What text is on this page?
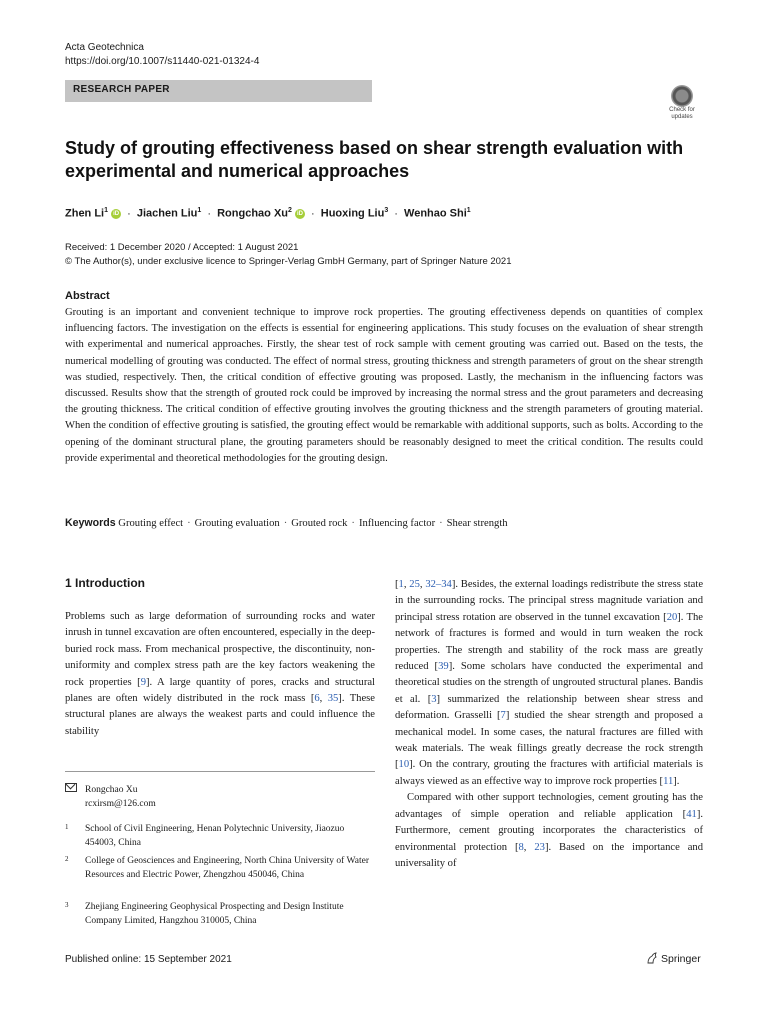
Acta Geotechnica
https://doi.org/10.1007/s11440-021-01324-4
RESEARCH PAPER
Check for updates
Study of grouting effectiveness based on shear strength evaluation with experimental and numerical approaches
Zhen Li$^1$ iD · Jiachen Liu$^1$ · Rongchao Xu$^2$ iD · Huoxing Liu$^3$ · Wenhao Shi$^1$
Received: 1 December 2020 / Accepted: 1 August 2021
© The Author(s), under exclusive licence to Springer-Verlag GmbH Germany, part of Springer Nature 2021
Abstract
Grouting is an important and convenient technique to improve rock properties. The grouting effectiveness depends on quantities of complex influencing factors. The investigation on the effects is essential for engineering applications. This study focuses on the evaluation of shear strength with experimental and numerical approaches. Firstly, the shear test of rock sample with cement grouting was carried out. Based on the tests, the numerical modelling of grouting was conducted. The effect of normal stress, grouting thickness and strength parameters of grout on the shear strength was studied, respectively. Then, the critical condition of effective grouting was proposed. Lastly, the mechanism in the influencing factors was discussed. Results show that the strength of grouted rock could be improved by increasing the normal stress and the grout parameters and decreasing the grouting thickness. The critical condition of effective grouting involves the grouting thickness and the strength parameters of grouting material. When the condition of effective grouting is satisfied, the grouting effect would be remarkable with additional supports, such as bolts. According to the opening of the dominant structural plane, the grouting parameters should be reasonably designed to meet the critical condition. The results could provide experimental and theoretical methodologies for the grouting design.
Keywords Grouting effect · Grouting evaluation · Grouted rock · Influencing factor · Shear strength
1 Introduction
Problems such as large deformation of surrounding rocks and water inrush in tunnel excavation are often encountered, especially in the deep-buried rock mass. From mechanical prospective, the discontinuity, non-uniformity and complex stress path are the key factors weakening the rock properties [9]. A large quantity of pores, cracks and structural planes are often widely distributed in the rock mass [6, 35]. These structural planes are always the weakest parts and could influence the stability

[1, 25, 32–34]. Besides, the external loadings redistribute the stress state in the surrounding rocks. The principal stress magnitude variation and principal stress rotation are observed in the tunnel excavation [20]. The network of fractures is formed and would in turn weaken the rock properties. The strength and stability of the rock mass are greatly reduced [39]. Some scholars have conducted the experimental and theoretical studies on the strength of ungrouted structural planes. Bandis et al. [3] summarized the relationship between shear stress and deformation. Grasselli [7] studied the shear strength and proposed a mechanical model. In some cases, the natural fractures are filled with weak materials. The weak fillings greatly decrease the rock strength [10]. On the contrary, grouting the fractures with artificial materials is always viewed as an effective way to improve rock properties [11].

Compared with other support technologies, cement grouting has the advantages of simple operation and reliable application [41]. Furthermore, cement grouting incorporates the characteristics of environmental protection [8, 23]. Based on the importance and universality of

Rongchao Xu
rcxirsm@126.com
1 School of Civil Engineering, Henan Polytechnic University, Jiaozuo 454003, China
2 College of Geosciences and Engineering, North China University of Water Resources and Electric Power, Zhengzhou 450046, China
3 Zhejiang Engineering Geophysical Prospecting and Design Institute Company Limited, Hangzhou 310005, China
Published online: 15 September 2021	Springer
